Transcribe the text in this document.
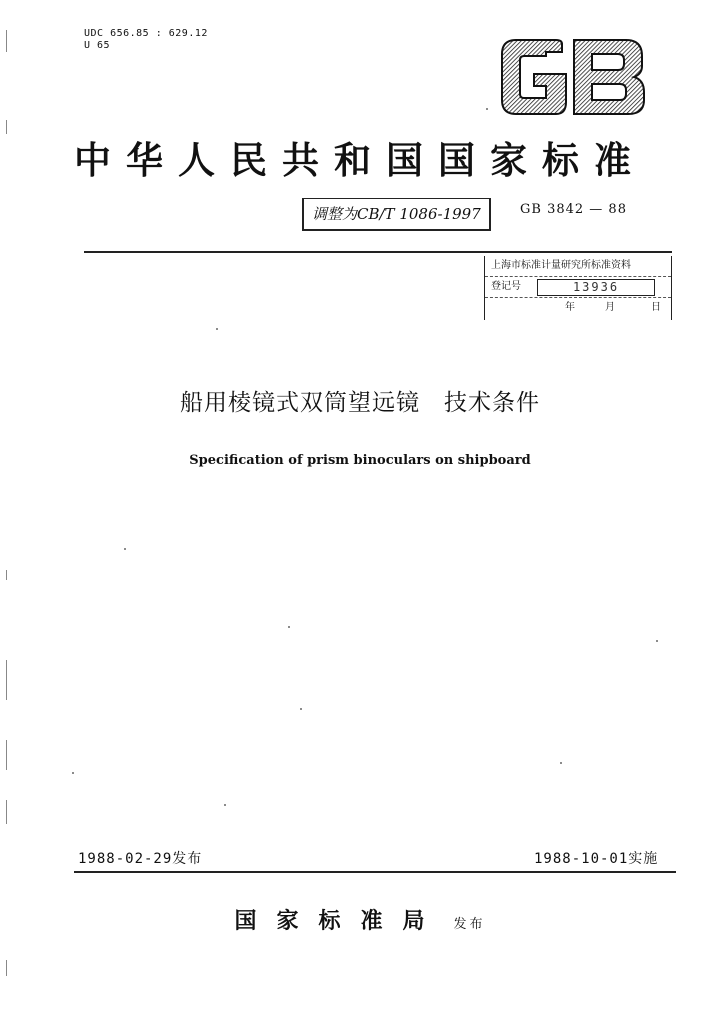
UDC 656.85 : 629.12
U 65
中华人民共和国国家标准
调整为CB/T 1086-1997	GB 3842 — 88
上海市标准计量研究所标准资料
登记号	13936
年	月	日
船用棱镜式双筒望远镜　技术条件
Specification of prism binoculars on shipboard
1988-02-29发布	1988-10-01实施
国家标准局 发布
